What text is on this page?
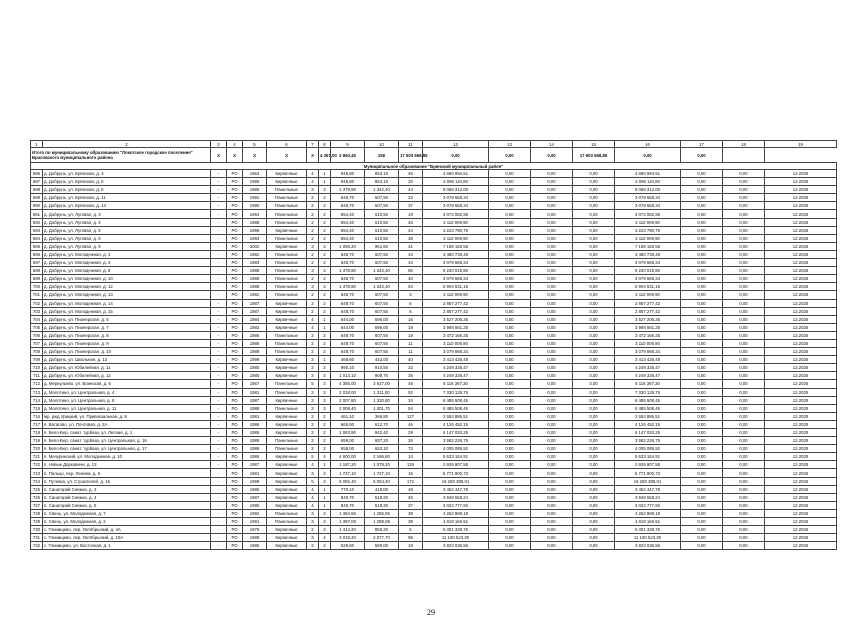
1	2	3	4	5	6	7	8	9	10	11	12	13	14	15	16	17	18	19
Итого по муниципальному образованию "Локотское городское поселение" Брасовского муниципального района		X	X	X	X	X	4 367,00	3 860,45	158	17 603 668,85	0,00	0,00	0,00	17 603 668,85	0,00	0,00		
Муниципальное образование "Брянский муниципальный район"																		
686	д. Добрунь, ул. Брянская, д. 3	-	РО	1963	Кирпичные	4	1	945,80	853,10	45	4 680 994,51	0,00	0,00	0,00	4 680 994,51	0,00	0,00	12.2025
687	д. Добрунь, ул. Брянская, д. 5	-	РО	1995	Кирпичные	4	1	945,80	853,10	20	4 096 110,60	0,00	0,00	0,00	4 096 110,60	0,00	0,00	12.2025
688	д. Добрунь, ул. Брянская, д. 6	-	РО	1986	Панельные	3	3	1 379,90	1 342,40	44	6 068 312,00	0,00	0,00	0,00	6 068 312,00	0,00	0,00	12.2025
689	д. Добрунь, ул. Брянская, д. 11	-	РО	1992	Панельные	2	2	648,70	607,50	33	3 079 668,34	0,00	0,00	0,00	3 079 668,34	0,00	0,00	12.2025
690	д. Добрунь, ул. Брянская, д. 13	-	РО	1990	Панельные	2	2	648,70	607,50	37	3 079 668,34	0,00	0,00	0,00	3 079 668,34	0,00	0,00	12.2025
691	д. Добрунь, ул. Луговая, д. 3	-	РО	1994	Панельные	2	2	654,40	610,50	19	3 072 082,95	0,00	0,00	0,00	3 072 082,95	0,00	0,00	12.2025
692	д. Добрунь, ул. Луговая, д. 4	-	РО	1988	Панельные	2	2	654,40	610,50	45	3 110 009,90	0,00	0,00	0,00	3 110 009,90	0,00	0,00	12.2025
693	д. Добрунь, ул. Луговая, д. 5	-	РО	1996	Кирпичные	2	2	654,40	610,50	44	3 223 790,75	0,00	0,00	0,00	3 223 790,75	0,00	0,00	12.2025
694	д. Добрунь, ул. Луговая, д. 6	-	РО	1993	Панельные	2	2	654,40	610,50	38	3 110 009,90	0,00	0,00	0,00	3 110 009,90	0,00	0,00	12.2025
695	д. Добрунь, ул. Луговая, д. 9	-	РО	2002	Кирпичные	3	3	1 058,20	961,60	41	7 168 183,55	0,00	0,00	0,00	7 168 183,55	0,00	0,00	12.2025
696	д. Добрунь, ул. Молодежная, д. 1	-	РО	1982	Панельные	2	2	648,70	607,50	34	3 480 739,48	0,00	0,00	0,00	3 480 739,48	0,00	0,00	12.2025
697	д. Добрунь, ул. Молодежная, д. 3	-	РО	1983	Панельные	2	2	648,70	607,50	34	3 079 668,34	0,00	0,00	0,00	3 079 668,34	0,00	0,00	12.2025
698	д. Добрунь, ул. Молодежная, д. 8	-	РО	1988	Панельные	3	3	1 378,90	1 342,40	80	6 220 019,80	0,00	0,00	0,00	6 220 019,80	0,00	0,00	12.2025
699	д. Добрунь, ул. Молодежная, д. 10	-	РО	1989	Панельные	2	2	648,70	607,50	40	3 079 668,34	0,00	0,00	0,00	3 079 668,34	0,00	0,00	12.2025
700	д. Добрунь, ул. Молодежная, д. 12	-	РО	1988	Панельные	3	3	1 378,90	1 342,40	63	5 904 531,15	0,00	0,00	0,00	5 904 531,15	0,00	0,00	12.2025
701	д. Добрунь, ул. Молодежная, д. 13	-	РО	1982	Панельные	2	2	648,70	607,50	3	3 110 009,90	0,00	0,00	0,00	3 110 009,90	0,00	0,00	12.2025
702	д. Добрунь, ул. Молодежная, д. 14	-	РО	1987	Кирпичные	2	2	648,70	607,50	6	2 857 277,42	0,00	0,00	0,00	2 857 277,42	0,00	0,00	12.2025
703	д. Добрунь, ул. Молодежная, д. 15	-	РО	1987	Кирпичные	2	2	648,70	607,50	6	2 857 277,42	0,00	0,00	0,00	2 857 277,42	0,00	0,00	12.2025
704	д. Добрунь, ул. Пионерская, д. 5	-	РО	1984	Кирпичные	4	1	644,00	596,00	16	3 527 206,35	0,00	0,00	0,00	3 527 206,35	0,00	0,00	12.2025
705	д. Добрунь, ул. Пионерская, д. 7	-	РО	1982	Кирпичные	4	1	644,00	596,00	19	3 998 561,25	0,00	0,00	0,00	3 998 561,25	0,00	0,00	12.2025
706	д. Добрунь, ул. Пионерская, д. 8	-	РО	1986	Панельные	2	2	648,70	607,50	18	3 472 166,25	0,00	0,00	0,00	3 472 166,25	0,00	0,00	12.2025
707	д. Добрунь, ул. Пионерская, д. 9	-	РО	1986	Панельные	2	2	648,70	607,50	11	3 110 009,90	0,00	0,00	0,00	3 110 009,90	0,00	0,00	12.2025
708	д. Добрунь, ул. Пионерская, д. 10	-	РО	1988	Панельные	2	2	648,70	607,50	11	3 079 668,34	0,00	0,00	0,00	3 079 668,34	0,00	0,00	12.2025
709	д. Добрунь, ул. Школьная, д. 13	-	РО	1999	Кирпичные	3	1	468,60	443,00	40	3 413 425,49	0,00	0,00	0,00	3 413 425,49	0,00	0,00	12.2025
710	д. Добрунь, ул. Юбилейная, д. 11	-	РО	1980	Кирпичные	2	2	990,10	910,50	22	4 249 335,47	0,00	0,00	0,00	4 249 335,47	0,00	0,00	12.2025
711	д. Добрунь, ул. Юбилейная, д. 12	-	РО	1980	Кирпичные	3	3	1 013,10	908,70	35	4 249 335,47	0,00	0,00	0,00	4 249 335,47	0,00	0,00	12.2025
712	д. Меркульево, ул. Воинская, д. 6	-	РО	1967	Панельные	5	3	4 385,00	3 627,00	45	8 116 367,30	0,00	0,00	0,00	8 116 367,30	0,00	0,00	12.2025
713	д. Молотино, ул. Центральная, д. 4	-	РО	1981	Панельные	3	3	2 018,00	1 311,00	52	7 330 128,75	0,00	0,00	0,00	7 330 128,75	0,00	0,00	12.2025
714	д. Молотино, ул. Центральная, д. 9	-	РО	1987	Кирпичные	3	3	2 007,80	1 330,80	34	6 485 508,45	0,00	0,00	0,00	6 485 508,45	0,00	0,00	12.2025
715	д. Молотино, ул. Центральная, д. 11	-	РО	1988	Панельные	3	3	2 008,40	1 301,70	54	6 485 508,45	0,00	0,00	0,00	6 485 508,45	0,00	0,00	12.2025
716	мр. ржд Урицкий, ул. Привокзальная, д. 8	-	РО	1981	Кирпичные	2	2	461,10	366,80	127	2 654 886,51	0,00	0,00	0,00	2 654 886,51	0,00	0,00	12.2025
717	п. Батагово, ул. Почтовая, д. 2А	-	РО	1986	Кирпичные	2	2	665,50	612,70	46	4 126 452,15	0,00	0,00	0,00	4 126 452,15	0,00	0,00	12.2025
718	п. Бело-Бер. санат. турбаза, ул. Лесная, д. 1	-	РО	1985	Кирпичные	2	2	1 063,90	942,40	29	6 147 020,25	0,00	0,00	0,00	6 147 020,25	0,00	0,00	12.2025
719	п. Бело-Бер. санат. турбаза, ул. Центральная, д. 16	-	РО	1989	Панельные	2	2	658,00	657,20	26	3 582 226,75	0,00	0,00	0,00	3 582 226,75	0,00	0,00	12.2025
720	п. Бело-Бер. санат. турбаза, ул. Центральная, д. 17	-	РО	1989	Панельные	2	2	658,00	653,10	72	4 005 085,92	0,00	0,00	0,00	4 005 085,92	0,00	0,00	12.2025
721	п. Мичуринский, ул. Молодежная, д. 10	-	РО	1986	Кирпичные	5	4	4 600,00	2 186,80	14	5 633 164,91	0,00	0,00	0,00	5 633 164,91	0,00	0,00	12.2025
722	п. Новые Дарковичи, д. 13	-	РО	1987	Кирпичные	4	1	1 187,20	1 079,20	126	2 926 907,55	0,00	0,00	0,00	2 926 907,55	0,00	0,00	12.2025
723	п. Пальцо, пер. Ленина, д. 6	-	РО	1981	Кирпичные	3	3	1 727,10	1 727,10	15	5 771 900,73	0,00	0,00	0,00	5 771 900,73	0,00	0,00	12.2025
724	п. Путевка, ул. Строителей, д. 15	-	РО	1999	Кирпичные	5	3	6 092,40	5 054,40	172	15 260 385,01	0,00	0,00	0,00	15 260 385,01	0,00	0,00	12.2025
725	п. Санаторий Снежка, д. 3	-	РО	1986	Кирпичные	4	1	770,10	418,00	49	3 452 447,78	0,00	0,00	0,00	3 452 447,78	0,00	0,00	12.2025
726	п. Санаторий Снежка, д. 4	-	РО	1987	Кирпичные	4	1	840,70	519,20	45	3 948 568,24	0,00	0,00	0,00	3 948 568,24	0,00	0,00	12.2025
727	п. Санаторий Снежка, д. 5	-	РО	1990	Кирпичные	4	1	845,70	519,30	37	3 022 777,92	0,00	0,00	0,00	3 022 777,92	0,00	0,00	12.2025
728	п. Свень, ул. Молодежная, д. 7	-	РО	1992	Панельные	3	3	1 394,55	1 286,55	38	4 262 989,19	0,00	0,00	0,00	4 262 989,19	0,00	0,00	12.2025
729	п. Свень, ул. Молодежная, д. 2	-	РО	1991	Панельные	3	3	1 397,08	1 289,08	39	4 818 166,51	0,00	0,00	0,00	4 818 166,51	0,00	0,00	12.2025
730	с. Глинищево, пер. Октябрьский, д. 4А	-	РО	1978	Кирпичные	2	3	1 414,20	856,20	5	6 301 328,75	0,00	0,00	0,00	6 301 328,75	0,00	0,00	12.2025
731	с. Глинищево, пер. Октябрьский, д. 10А	-	РО	1989	Кирпичные	3	4	3 018,20	2 077,70	98	11 150 523,30	0,00	0,00	0,00	11 150 523,30	0,00	0,00	12.2025
732	с. Глинищево, ул. Восточная, д. 1	-	РО	1985	Кирпичные	2	2	629,60	580,00	19	3 823 036,56	0,00	0,00	0,00	3 823 036,56	0,00	0,00	12.2025
29
